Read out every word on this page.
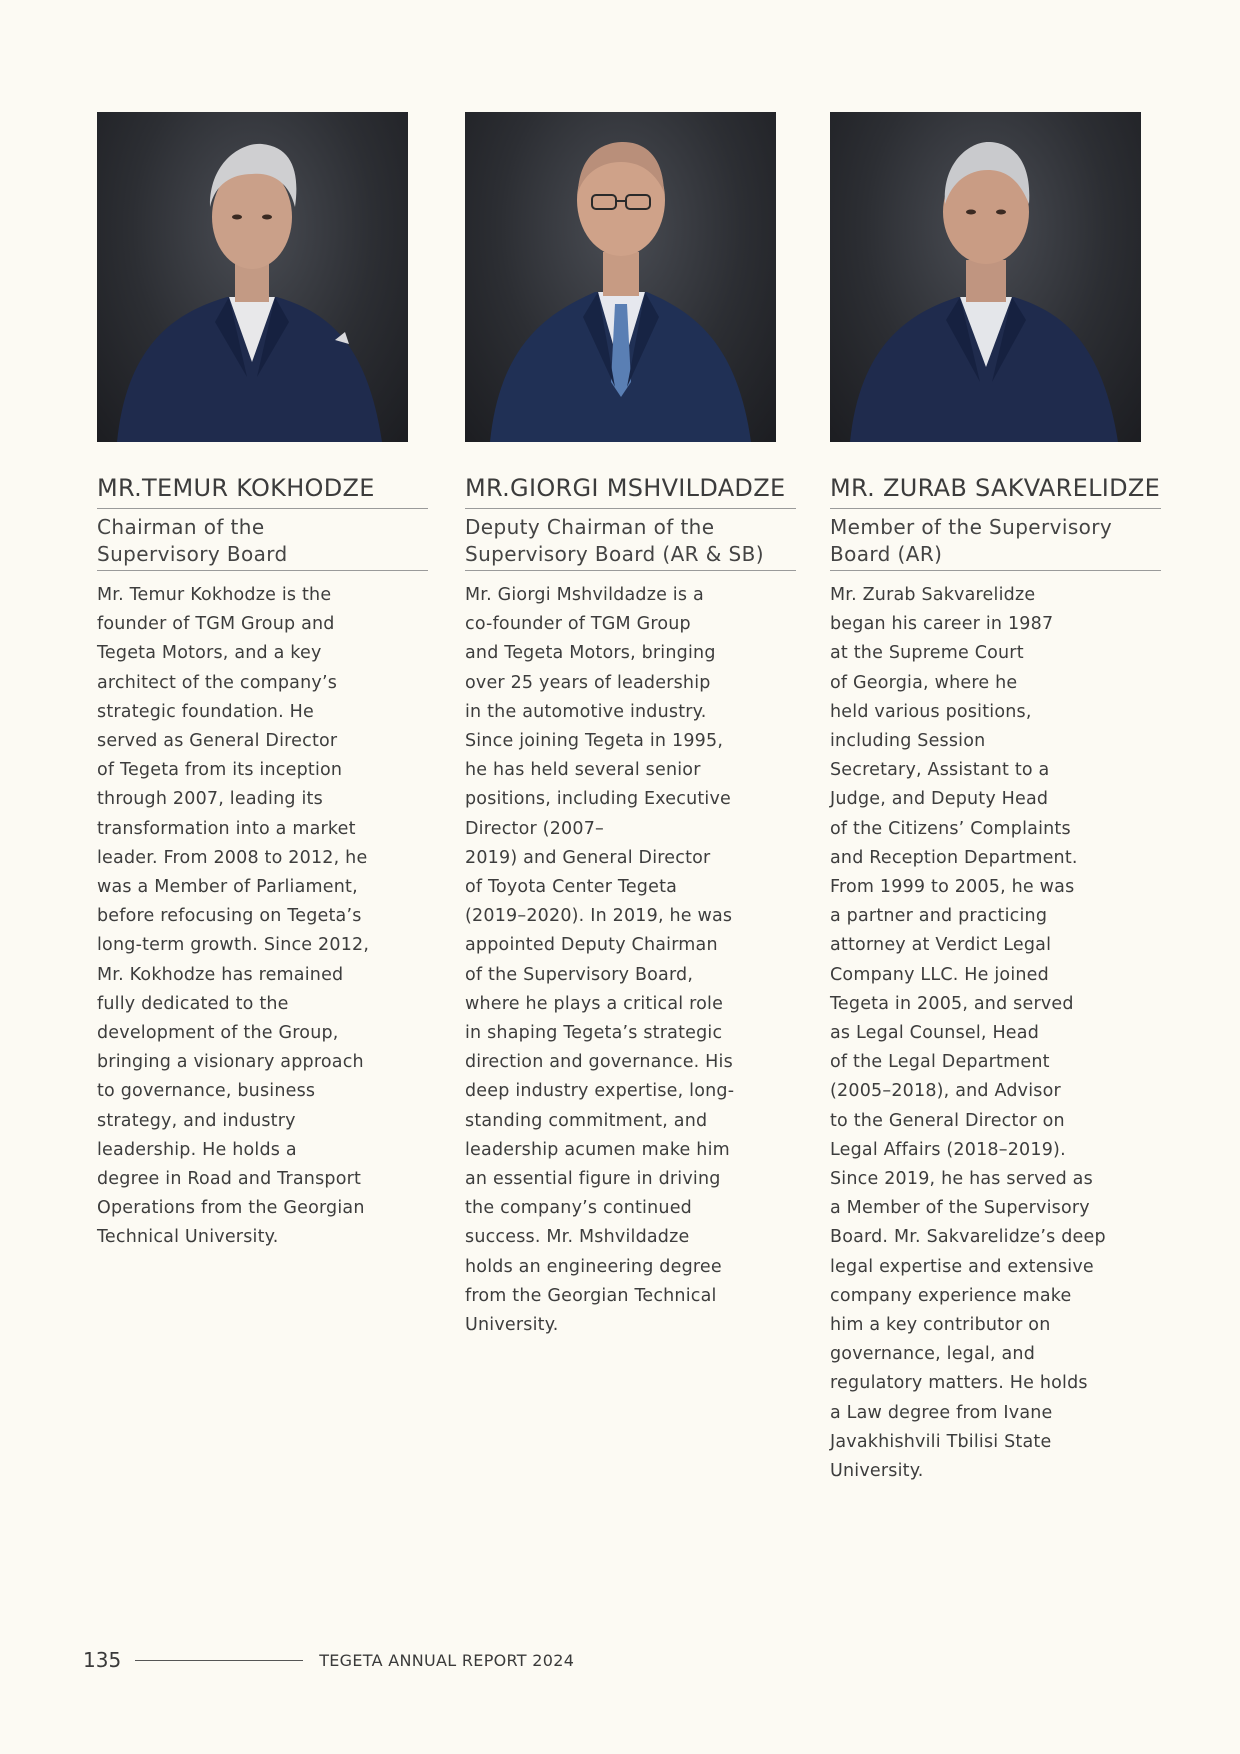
MR.TEMUR KOKHODZE
Chairman of the
Supervisory Board
Mr. Temur Kokhodze is the
founder of TGM Group and
Tegeta Motors, and a key
architect of the company’s
strategic foundation. He
served as General Director
of Tegeta from its inception
through 2007, leading its
transformation into a market
leader. From 2008 to 2012, he
was a Member of Parliament,
before refocusing on Tegeta’s
long-term growth. Since 2012,
Mr. Kokhodze has remained
fully dedicated to the
development of the Group,
bringing a visionary approach
to governance, business
strategy, and industry
leadership. He holds a
degree in Road and Transport
Operations from the Georgian
Technical University.
MR.GIORGI MSHVILDADZE
Deputy Chairman of the
Supervisory Board (AR & SB)
Mr. Giorgi Mshvildadze is a
co-founder of TGM Group
and Tegeta Motors, bringing
over 25 years of leadership
in the automotive industry.
Since joining Tegeta in 1995,
he has held several senior
positions, including Executive
Director (2007–
2019) and General Director
of Toyota Center Tegeta
(2019–2020). In 2019, he was
appointed Deputy Chairman
of the Supervisory Board,
where he plays a critical role
in shaping Tegeta’s strategic
direction and governance. His
deep industry expertise, long-
standing commitment, and
leadership acumen make him
an essential figure in driving
the company’s continued
success. Mr. Mshvildadze
holds an engineering degree
from the Georgian Technical
University.
MR. ZURAB SAKVARELIDZE
Member of the Supervisory
Board (AR)
Mr. Zurab Sakvarelidze
began his career in 1987
at the Supreme Court
of Georgia, where he
held various positions,
including Session
Secretary, Assistant to a
Judge, and Deputy Head
of the Citizens’ Complaints
and Reception Department.
From 1999 to 2005, he was
a partner and practicing
attorney at Verdict Legal
Company LLC. He joined
Tegeta in 2005, and served
as Legal Counsel, Head
of the Legal Department
(2005–2018), and Advisor
to the General Director on
Legal Affairs (2018–2019).
Since 2019, he has served as
a Member of the Supervisory
Board. Mr. Sakvarelidze’s deep
legal expertise and extensive
company experience make
him a key contributor on
governance, legal, and
regulatory matters. He holds
a Law degree from Ivane
Javakhishvili Tbilisi State
University.
135	TEGETA ANNUAL REPORT 2024
